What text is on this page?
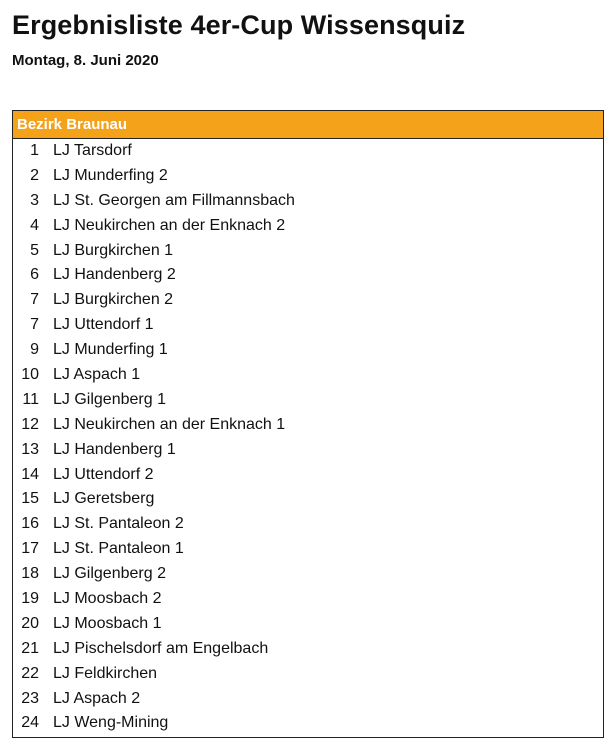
Ergebnisliste 4er-Cup Wissensquiz
Montag, 8. Juni 2020
Bezirk Braunau
1 LJ Tarsdorf
2 LJ Munderfing 2
3 LJ St. Georgen am Fillmannsbach
4 LJ Neukirchen an der Enknach 2
5 LJ Burgkirchen 1
6 LJ Handenberg 2
7 LJ Burgkirchen 2
7 LJ Uttendorf 1
9 LJ Munderfing 1
10 LJ Aspach 1
11 LJ Gilgenberg 1
12 LJ Neukirchen an der Enknach 1
13 LJ Handenberg 1
14 LJ Uttendorf 2
15 LJ Geretsberg
16 LJ St. Pantaleon 2
17 LJ St. Pantaleon 1
18 LJ Gilgenberg 2
19 LJ Moosbach 2
20 LJ Moosbach 1
21 LJ Pischelsdorf am Engelbach
22 LJ Feldkirchen
23 LJ Aspach 2
24 LJ Weng-Mining
